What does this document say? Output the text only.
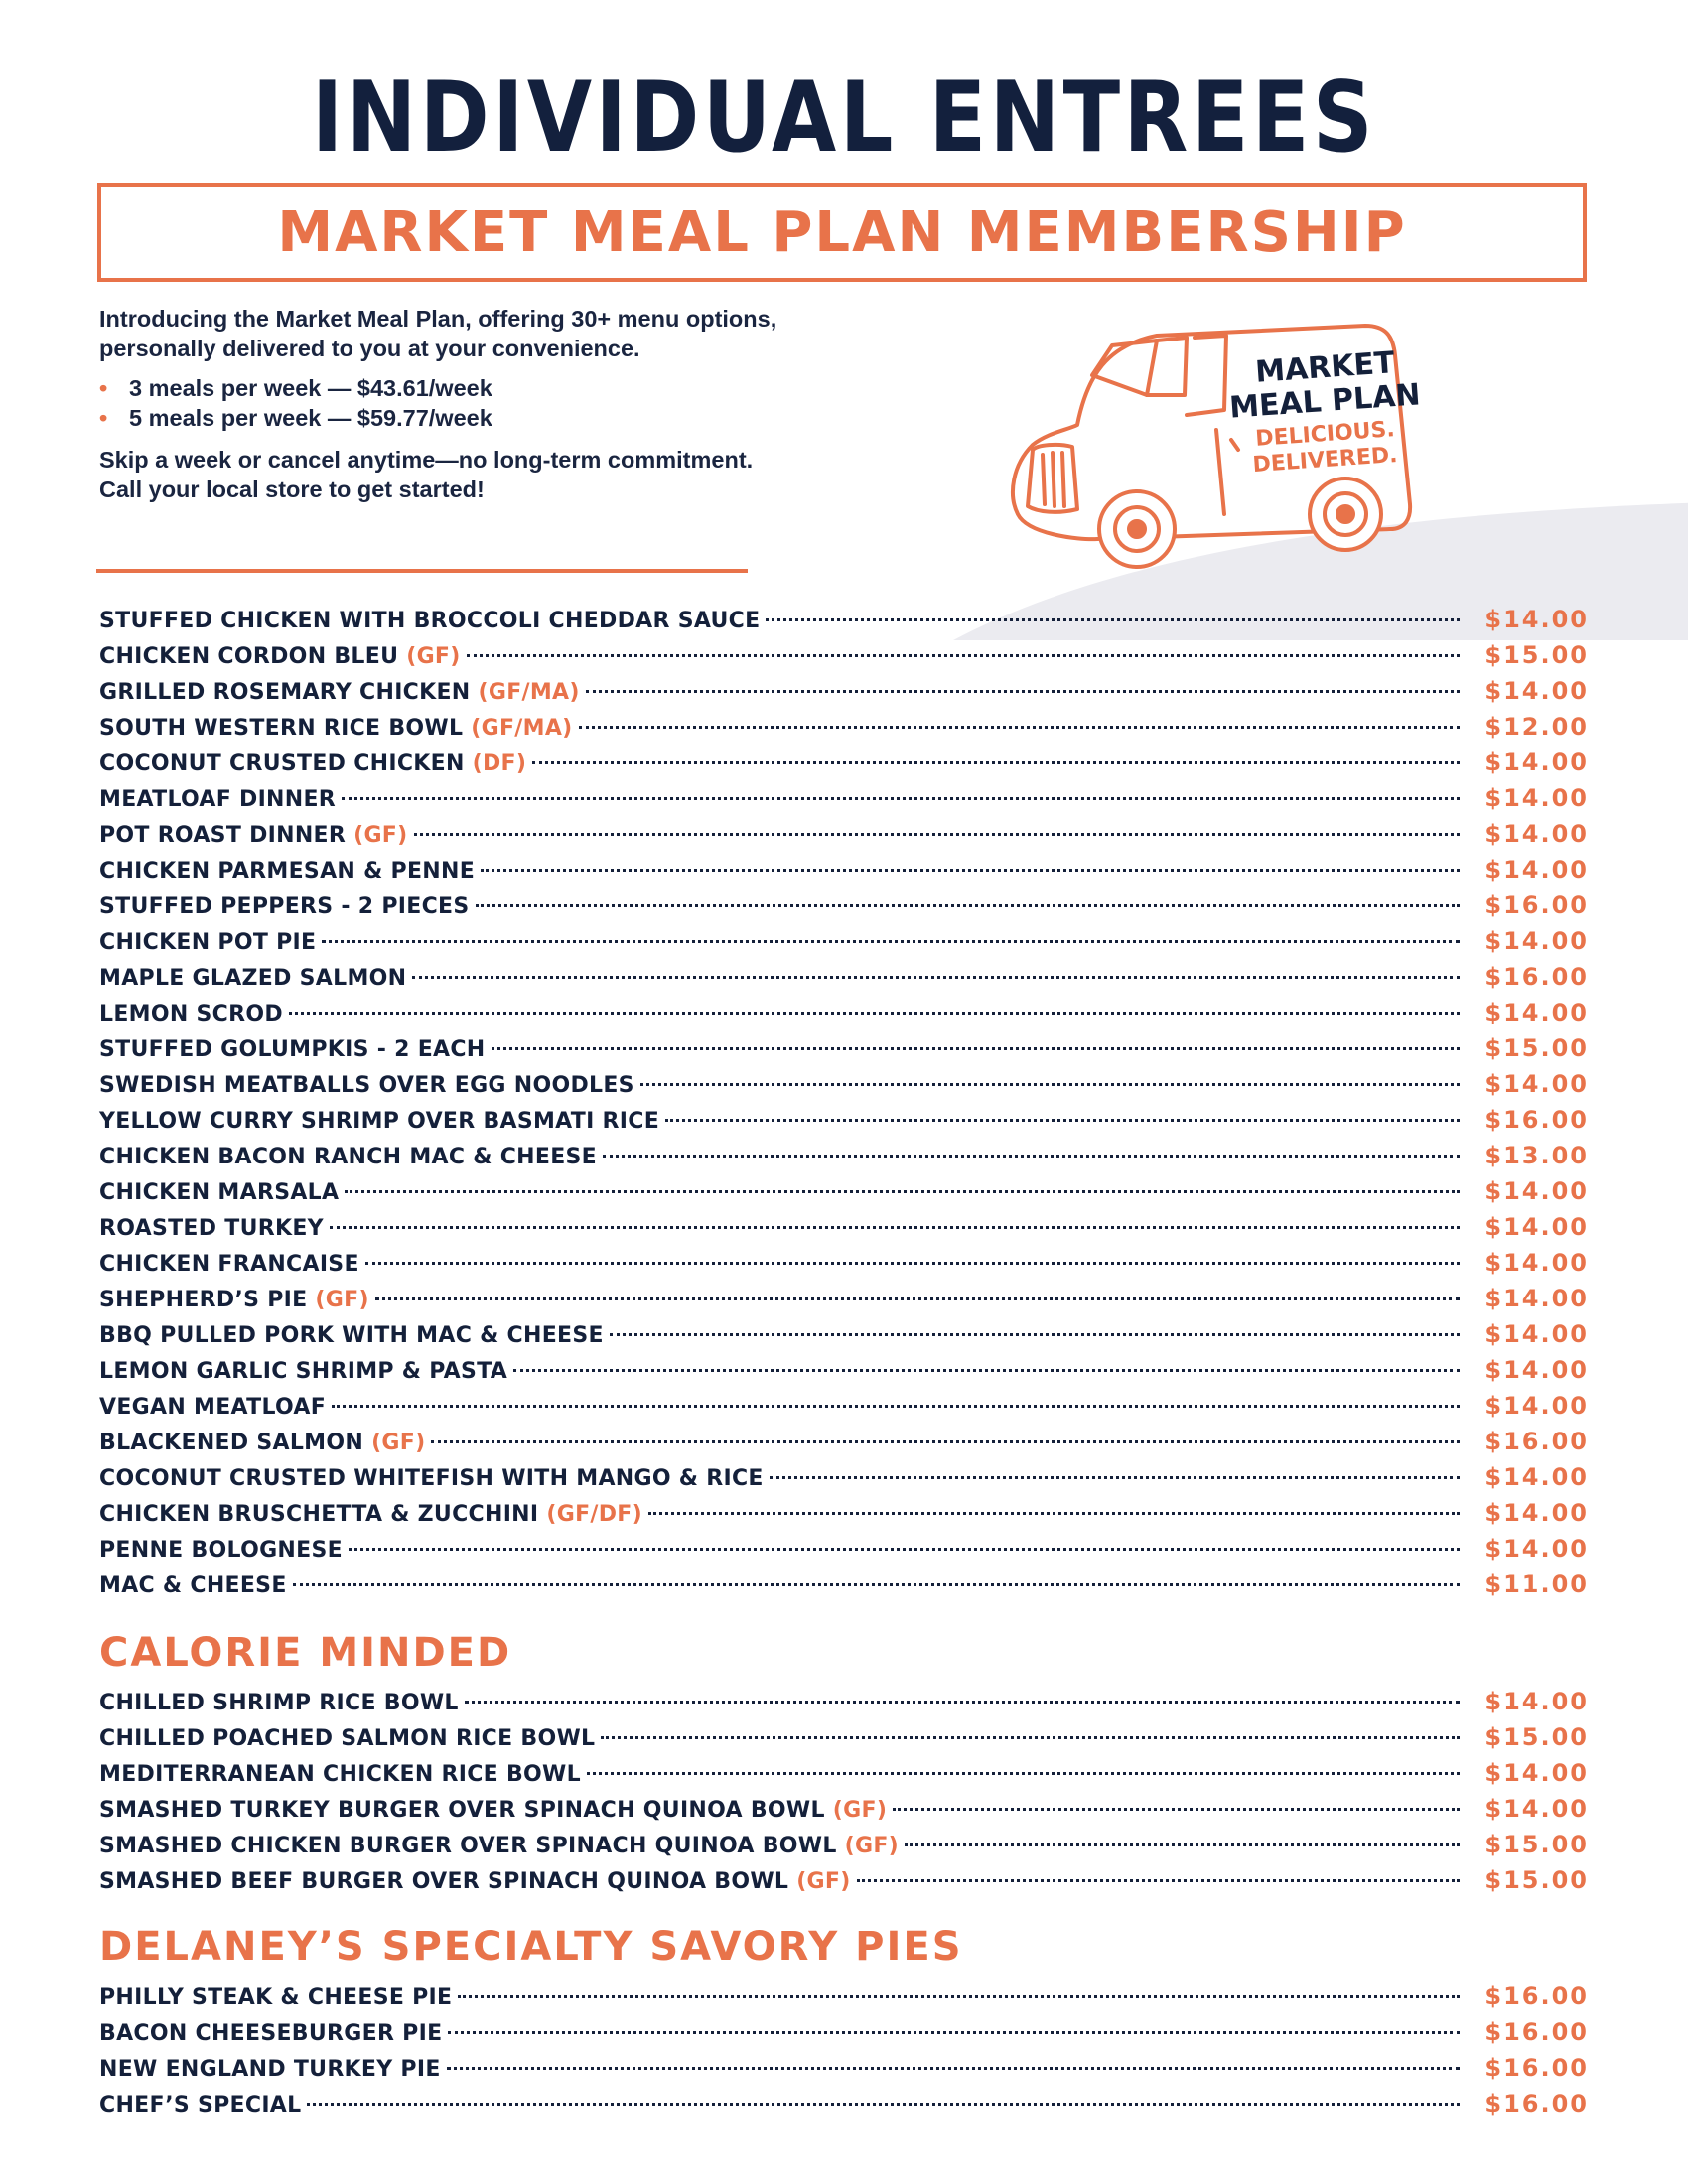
INDIVIDUAL ENTREES
MARKET MEAL PLAN MEMBERSHIP

Introducing the Market Meal Plan, offering 30+ menu options, personally delivered to you at your convenience.

• 3 meals per week — $43.61/week
• 5 meals per week — $59.77/week

Skip a week or cancel anytime—no long-term commitment. Call your local store to get started!

MARKET
MEAL PLAN
DELICIOUS.
DELIVERED.
STUFFED CHICKEN WITH BROCCOLI CHEDDAR SAUCE	$14.00
CHICKEN CORDON BLEU (GF)	$15.00
GRILLED ROSEMARY CHICKEN (GF/MA)	$14.00
SOUTH WESTERN RICE BOWL (GF/MA)	$12.00
COCONUT CRUSTED CHICKEN (DF)	$14.00
MEATLOAF DINNER	$14.00
POT ROAST DINNER (GF)	$14.00
CHICKEN PARMESAN & PENNE	$14.00
STUFFED PEPPERS - 2 PIECES	$16.00
CHICKEN POT PIE	$14.00
MAPLE GLAZED SALMON	$16.00
LEMON SCROD	$14.00
STUFFED GOLUMPKIS - 2 EACH	$15.00
SWEDISH MEATBALLS OVER EGG NOODLES	$14.00
YELLOW CURRY SHRIMP OVER BASMATI RICE	$16.00
CHICKEN BACON RANCH MAC & CHEESE	$13.00
CHICKEN MARSALA	$14.00
ROASTED TURKEY	$14.00
CHICKEN FRANCAISE	$14.00
SHEPHERD’S PIE (GF)	$14.00
BBQ PULLED PORK WITH MAC & CHEESE	$14.00
LEMON GARLIC SHRIMP & PASTA	$14.00
VEGAN MEATLOAF	$14.00
BLACKENED SALMON (GF)	$16.00
COCONUT CRUSTED WHITEFISH WITH MANGO & RICE	$14.00
CHICKEN BRUSCHETTA & ZUCCHINI (GF/DF)	$14.00
PENNE BOLOGNESE	$14.00
MAC & CHEESE	$11.00
CALORIE MINDED
CHILLED SHRIMP RICE BOWL	$14.00
CHILLED POACHED SALMON RICE BOWL	$15.00
MEDITERRANEAN CHICKEN RICE BOWL	$14.00
SMASHED TURKEY BURGER OVER SPINACH QUINOA BOWL (GF)	$14.00
SMASHED CHICKEN BURGER OVER SPINACH QUINOA BOWL (GF)	$15.00
SMASHED BEEF BURGER OVER SPINACH QUINOA BOWL (GF)	$15.00
DELANEY’S SPECIALTY SAVORY PIES
PHILLY STEAK & CHEESE PIE	$16.00
BACON CHEESEBURGER PIE	$16.00
NEW ENGLAND TURKEY PIE	$16.00
CHEF’S SPECIAL	$16.00
